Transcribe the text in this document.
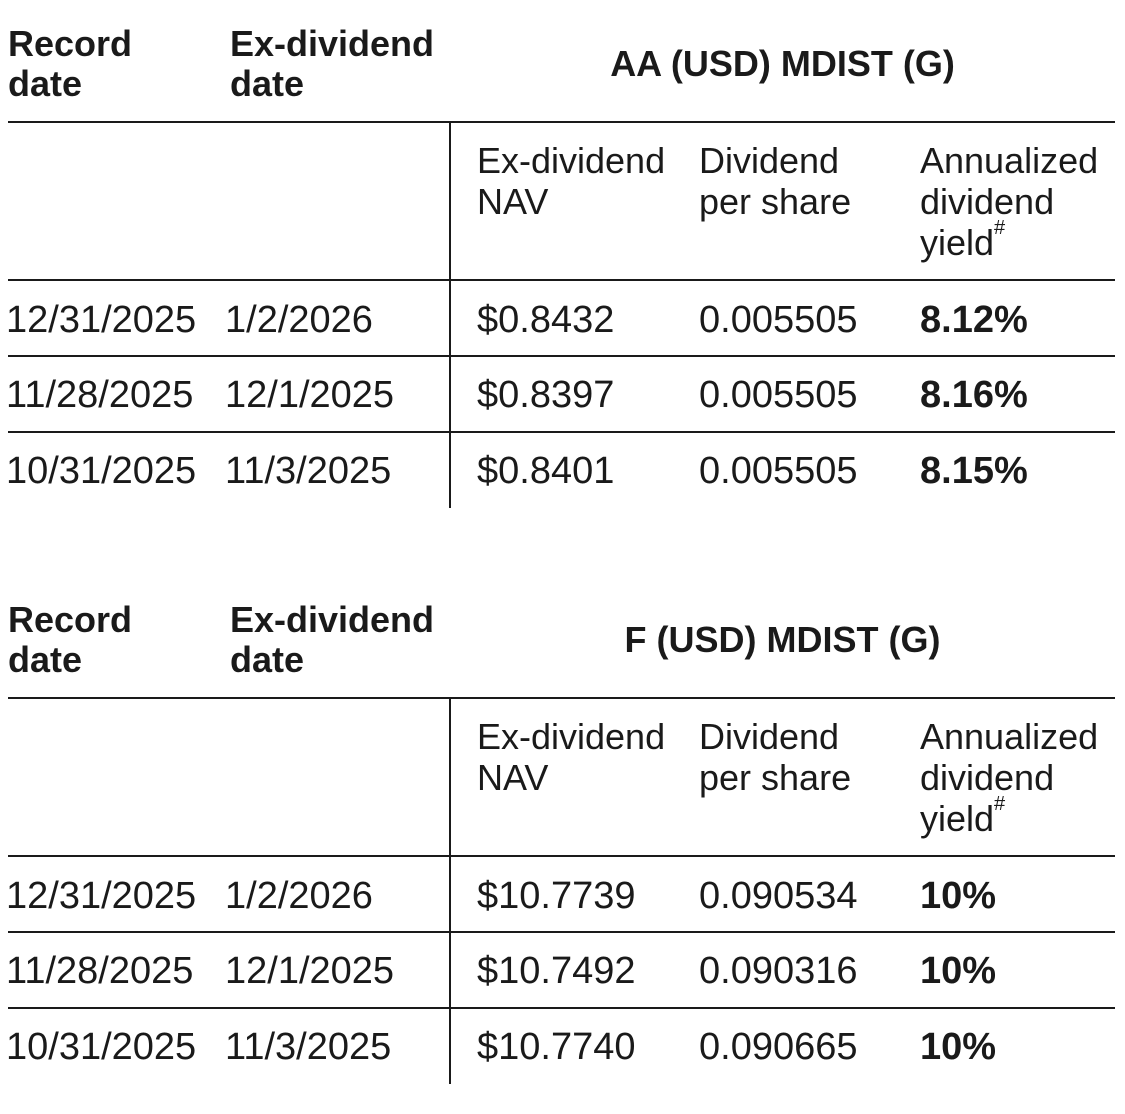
Record date
Ex-dividend date	AA (USD) MDIST (G)
Ex-dividend NAV
Dividend per share
Annualized dividend yield#
12/31/2025 1/2/2026	$0.8432 0.005505 8.12%
11/28/2025 12/1/2025 $0.8397 0.005505 8.16%
10/31/2025 11/3/2025 $0.8401 0.005505 8.15%
Record date
Ex-dividend date	F (USD) MDIST (G)
Ex-dividend NAV
Dividend per share
Annualized dividend yield#
12/31/2025 1/2/2026	$10.7739 0.090534 10%
11/28/2025 12/1/2025 $10.7492 0.090316 10%
10/31/2025 11/3/2025 $10.7740 0.090665 10%
